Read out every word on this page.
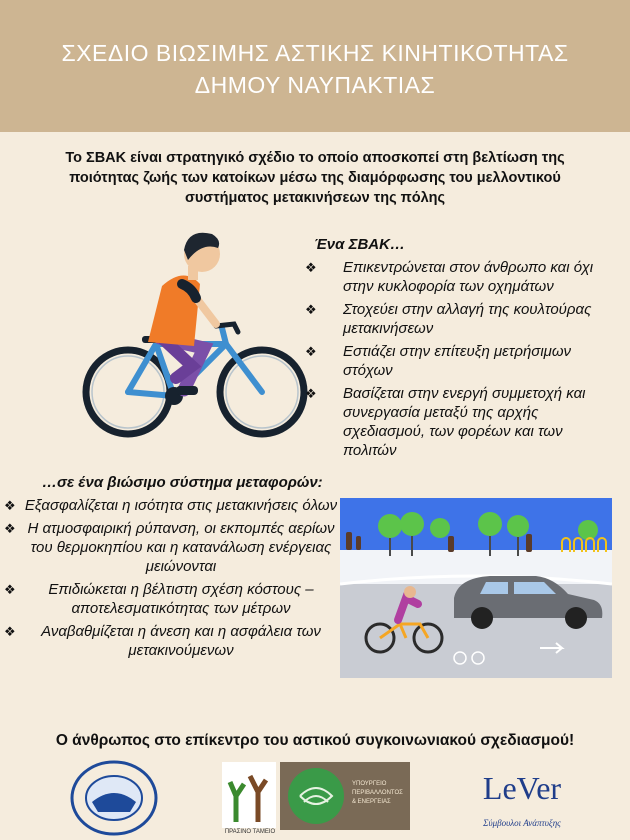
ΣΧΕΔΙΟ ΒΙΩΣΙΜΗΣ ΑΣΤΙΚΗΣ ΚΙΝΗΤΙΚΟΤΗΤΑΣ
ΔΗΜΟΥ ΝΑΥΠΑΚΤΙΑΣ
Το ΣΒΑΚ είναι στρατηγικό σχέδιο το οποίο αποσκοπεί στη βελτίωση της ποιότητας ζωής των κατοίκων μέσω της διαμόρφωσης του μελλοντικού συστήματος μετακινήσεων της πόλης
Ένα ΣΒΑΚ…
❖ Επικεντρώνεται στον άνθρωπο και όχι στην κυκλοφορία των οχημάτων
❖ Στοχεύει στην αλλαγή της κουλτούρας μετακινήσεων
❖ Εστιάζει στην επίτευξη μετρήσιμων στόχων
❖ Βασίζεται στην ενεργή συμμετοχή και συνεργασία μεταξύ της αρχής σχεδιασμού, των φορέων και των πολιτών
…σε ένα βιώσιμο σύστημα μεταφορών:
❖ Εξασφαλίζεται η ισότητα στις μετακινήσεις όλων
❖ Η ατμοσφαιρική ρύπανση, οι εκπομπές αερίων του θερμοκηπίου και η κατανάλωση ενέργειας μειώνονται
❖ Επιδιώκεται η βέλτιστη σχέση κόστους – αποτελεσματικότητας των μέτρων
❖ Αναβαθμίζεται η άνεση και η ασφάλεια των μετακινούμενων
Ο άνθρωπος στο επίκεντρο του αστικού συγκοινωνιακού σχεδιασμού!
ΠΡΑΣΙΝΟ ΤΑΜΕΙΟ
ΥΠΟΥΡΓΕΙΟ
ΠΕΡΙΒΑΛΛΟΝΤΟΣ
& ΕΝΕΡΓΕΙΑΣ	LeVer
Σύμβουλοι Ανάπτυξης
